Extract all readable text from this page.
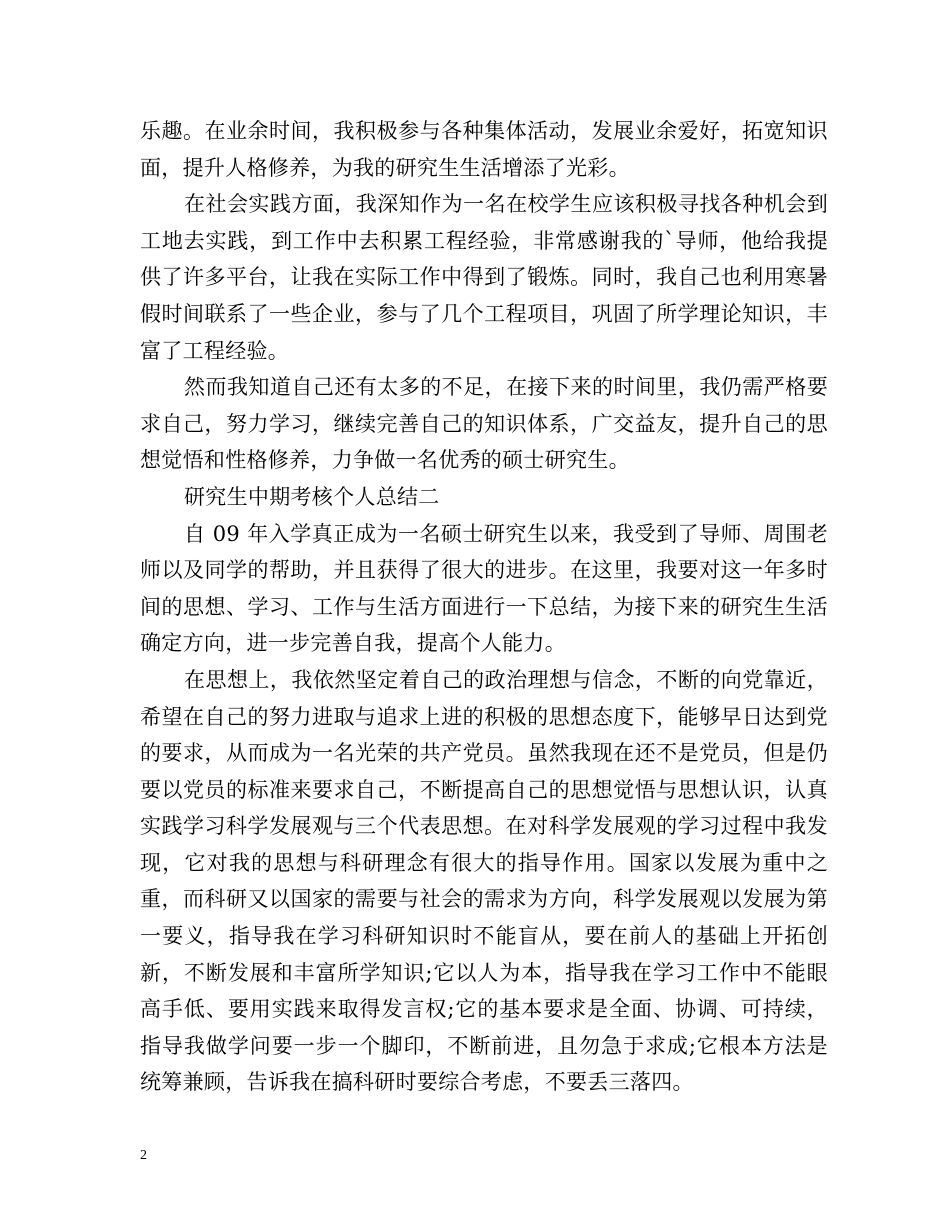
乐趣。在业余时间，我积极参与各种集体活动，发展业余爱好，拓宽知识面，提升人格修养，为我的研究生生活增添了光彩。

在社会实践方面，我深知作为一名在校学生应该积极寻找各种机会到工地去实践，到工作中去积累工程经验，非常感谢我的`导师，他给我提供了许多平台，让我在实际工作中得到了锻炼。同时，我自己也利用寒暑假时间联系了一些企业，参与了几个工程项目，巩固了所学理论知识，丰富了工程经验。

然而我知道自己还有太多的不足，在接下来的时间里，我仍需严格要求自己，努力学习，继续完善自己的知识体系，广交益友，提升自己的思想觉悟和性格修养，力争做一名优秀的硕士研究生。

研究生中期考核个人总结二

自 09 年入学真正成为一名硕士研究生以来，我受到了导师、周围老师以及同学的帮助，并且获得了很大的进步。在这里，我要对这一年多时间的思想、学习、工作与生活方面进行一下总结，为接下来的研究生生活确定方向，进一步完善自我，提高个人能力。

在思想上，我依然坚定着自己的政治理想与信念，不断的向党靠近，希望在自己的努力进取与追求上进的积极的思想态度下，能够早日达到党的要求，从而成为一名光荣的共产党员。虽然我现在还不是党员，但是仍要以党员的标准来要求自己，不断提高自己的思想觉悟与思想认识，认真实践学习科学发展观与三个代表思想。在对科学发展观的学习过程中我发现，它对我的思想与科研理念有很大的指导作用。国家以发展为重中之重，而科研又以国家的需要与社会的需求为方向，科学发展观以发展为第一要义，指导我在学习科研知识时不能盲从，要在前人的基础上开拓创新，不断发展和丰富所学知识;它以人为本，指导我在学习工作中不能眼高手低、要用实践来取得发言权;它的基本要求是全面、协调、可持续，指导我做学问要一步一个脚印，不断前进，且勿急于求成;它根本方法是统筹兼顾，告诉我在搞科研时要综合考虑，不要丢三落四。

2
